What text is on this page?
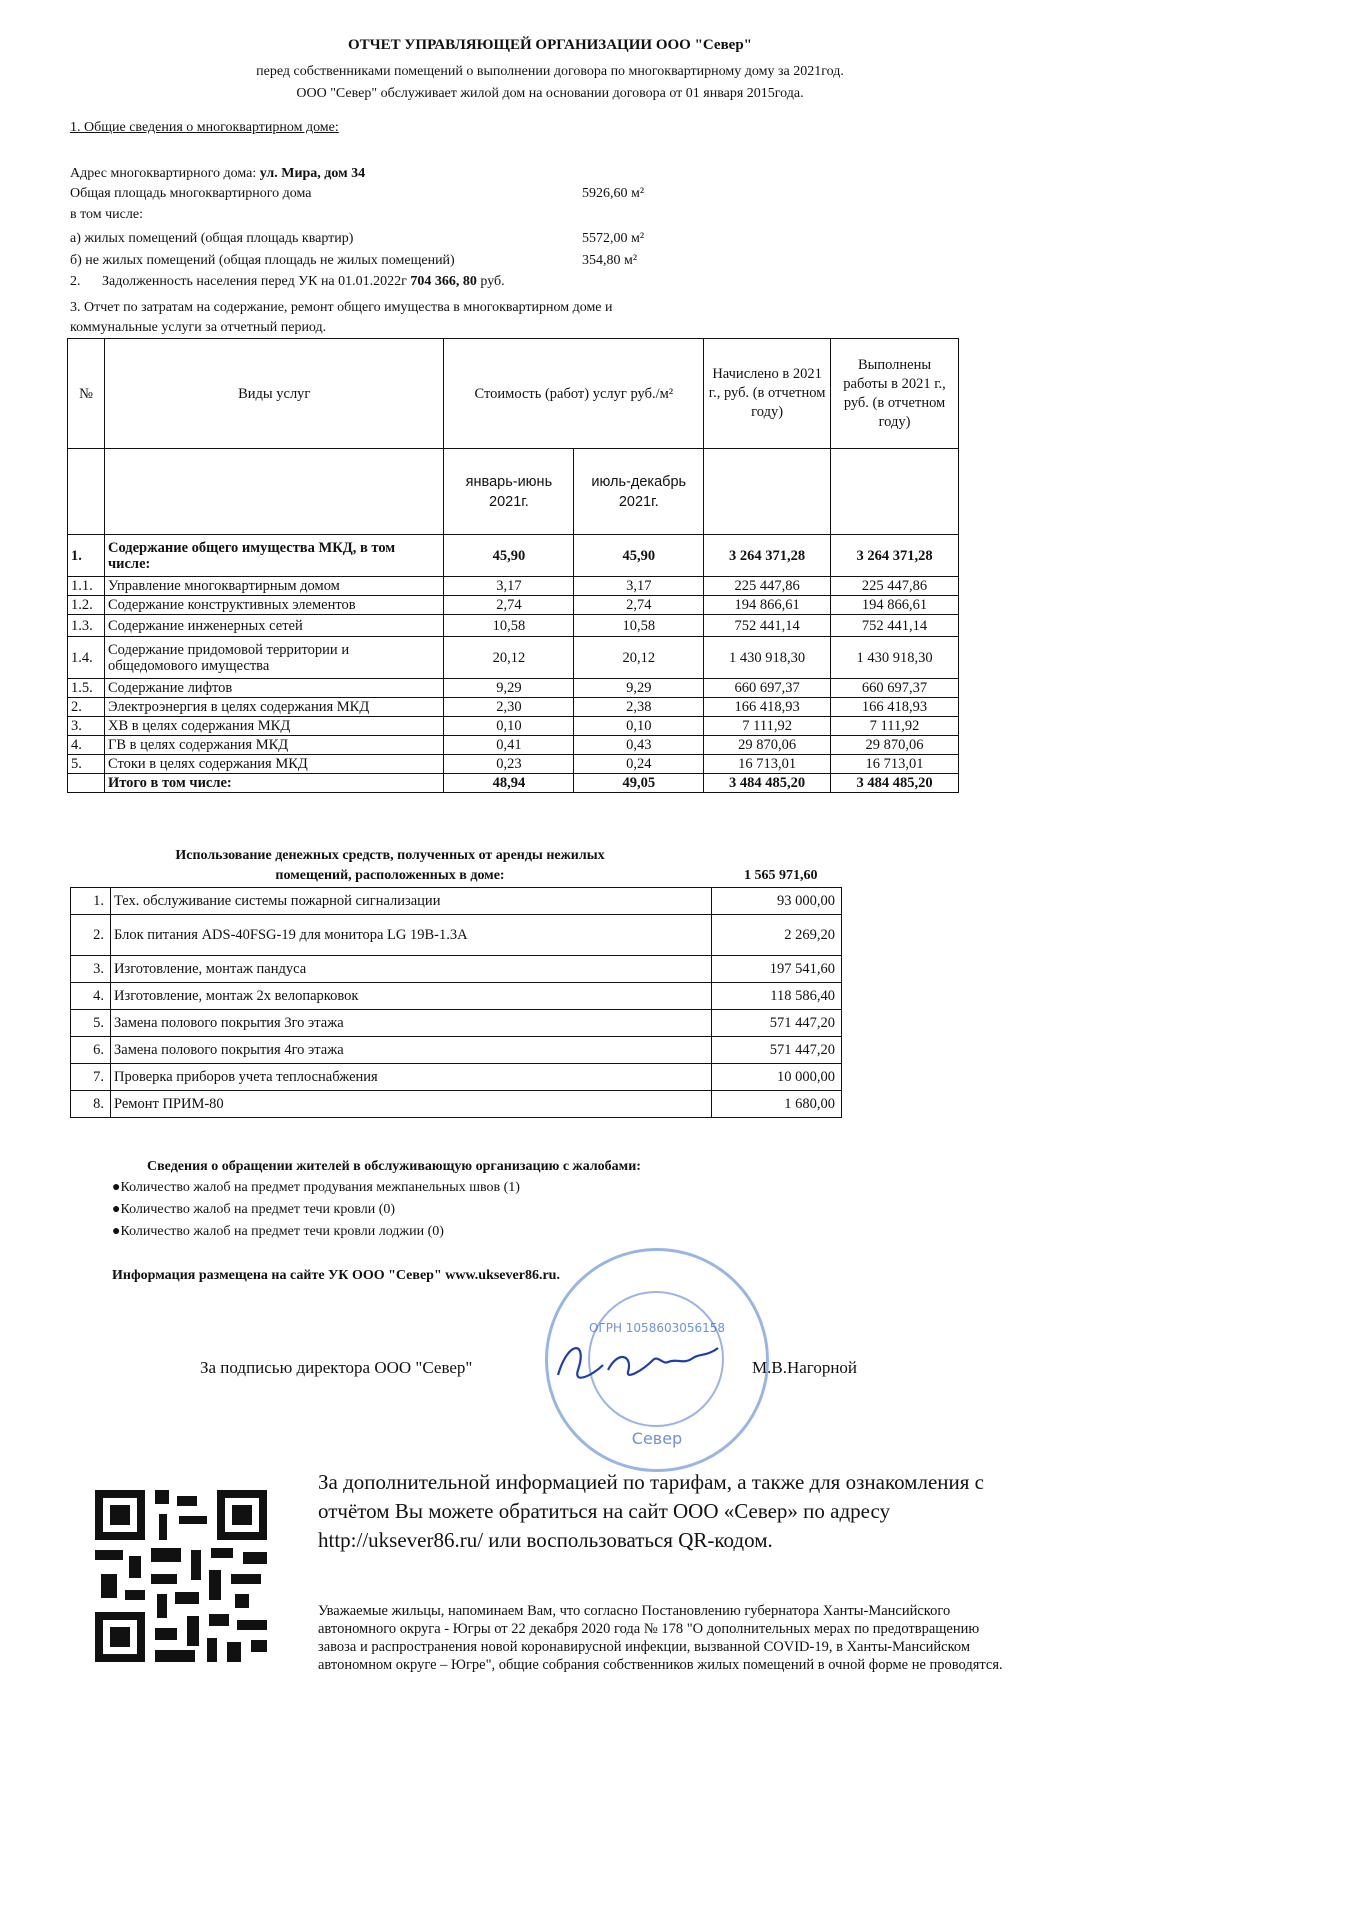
ОТЧЕТ УПРАВЛЯЮЩЕЙ ОРГАНИЗАЦИИ ООО "Север"
перед собственниками помещений о выполнении договора по многоквартирному дому за 2021год.
ООО "Север" обслуживает жилой дом на основании договора от 01 января 2015года.
1. Общие сведения о многоквартирном доме:
Адрес многоквартирного дома: ул. Мира, дом 34
Общая площадь многоквартирного дома	5926,60 м²
в том числе:
а) жилых помещений (общая площадь квартир)	5572,00 м²
б) не жилых помещений (общая площадь не жилых помещений)	354,80 м²
2. Задолженность населения перед УК на 01.01.2022г 704 366, 80 руб.
3. Отчет по затратам на содержание, ремонт общего имущества в многоквартирном доме и
коммунальные услуги за отчетный период.
№	Виды услуг	Стоимость (работ) услуг руб./м²		Начислено в 2021 г., руб. (в отчетном году)	Выполнены работы в 2021 г., руб. (в отчетном году)
		январь-июнь 2021г.	июль-декабрь 2021г.		
1.	Содержание общего имущества МКД, в том числе:	45,90	45,90	3 264 371,28	3 264 371,28
1.1.	Управление многоквартирным домом	3,17	3,17	225 447,86	225 447,86
1.2.	Содержание конструктивных элементов	2,74	2,74	194 866,61	194 866,61
1.3.	Содержание инженерных сетей	10,58	10,58	752 441,14	752 441,14
1.4.	Содержание придомовой территории и общедомового имущества	20,12	20,12	1 430 918,30	1 430 918,30
1.5.	Содержание лифтов	9,29	9,29	660 697,37	660 697,37
2.	Электроэнергия в целях содержания МКД	2,30	2,38	166 418,93	166 418,93
3.	ХВ в целях содержания МКД	0,10	0,10	7 111,92	7 111,92
4.	ГВ в целях содержания МКД	0,41	0,43	29 870,06	29 870,06
5.	Стоки в целях содержания МКД	0,23	0,24	16 713,01	16 713,01
	Итого в том числе:	48,94	49,05	3 484 485,20	3 484 485,20
Использование денежных средств, полученных от аренды нежилых
помещений, расположенных в доме:	1 565 971,60
1.	Тех. обслуживание системы пожарной сигнализации	93 000,00
2.	Блок питания ADS-40FSG-19 для монитора LG 19B-1.3A	2 269,20
3.	Изготовление, монтаж пандуса	197 541,60
4.	Изготовление, монтаж 2х велопарковок	118 586,40
5.	Замена полового покрытия 3го этажа	571 447,20
6.	Замена полового покрытия 4го этажа	571 447,20
7.	Проверка приборов учета теплоснабжения	10 000,00
8.	Ремонт ПРИМ-80	1 680,00
Сведения о обращении жителей в обслуживающую организацию с жалобами:
●Количество жалоб на предмет продувания межпанельных швов (1)
●Количество жалоб на предмет течи кровли (0)
●Количество жалоб на предмет течи кровли лоджии (0)
Информация размещена на сайте УК ООО "Север" www.uksever86.ru.
ОГРН 1058603056158
Север
За подписью директора ООО "Север"	М.В.Нагорной
За дополнительной информацией по тарифам, а также для ознакомления с отчётом Вы можете обратиться на сайт ООО «Север» по адресу http://uksever86.ru/ или воспользоваться QR-кодом.
Уважаемые жильцы, напоминаем Вам, что согласно Постановлению губернатора Ханты-Мансийского автономного округа - Югры от 22 декабря 2020 года № 178 "О дополнительных мерах по предотвращению завоза и распространения новой коронавирусной инфекции, вызванной COVID-19, в Ханты-Мансийском автономном округе – Югре", общие собрания собственников жилых помещений в очной форме не проводятся.
